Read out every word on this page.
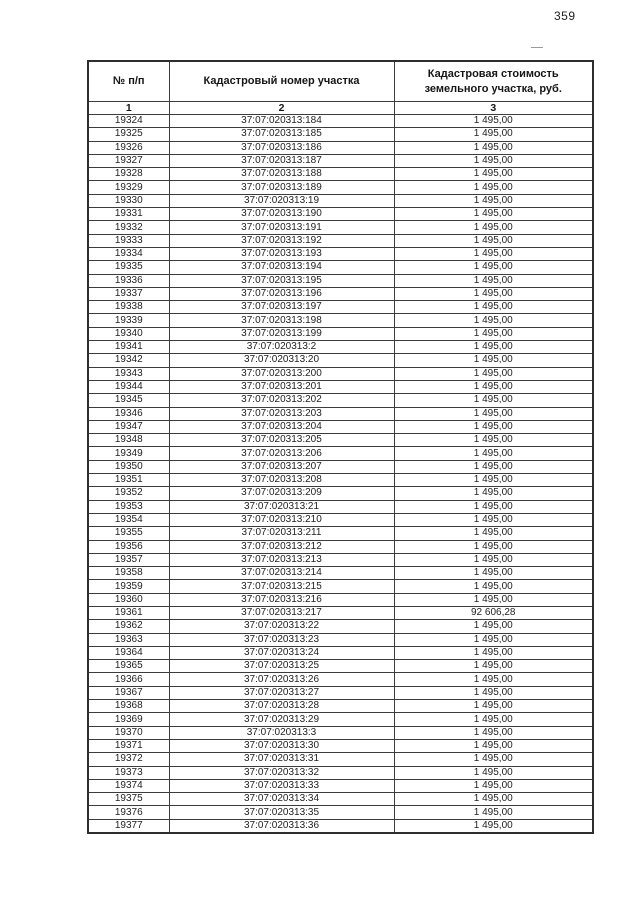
359
№ п/п	Кадастровый номер участка	Кадастровая стоимость земельного участка, руб.
1	2	3
19324	37:07:020313:184	1 495,00
19325	37:07:020313:185	1 495,00
19326	37:07:020313:186	1 495,00
19327	37:07:020313:187	1 495,00
19328	37:07:020313:188	1 495,00
19329	37:07:020313:189	1 495,00
19330	37:07:020313:19	1 495,00
19331	37:07:020313:190	1 495,00
19332	37:07:020313:191	1 495,00
19333	37:07:020313:192	1 495,00
19334	37:07:020313:193	1 495,00
19335	37:07:020313:194	1 495,00
19336	37:07:020313:195	1 495,00
19337	37:07:020313:196	1 495,00
19338	37:07:020313:197	1 495,00
19339	37:07:020313:198	1 495,00
19340	37:07:020313:199	1 495,00
19341	37:07:020313:2	1 495,00
19342	37:07:020313:20	1 495,00
19343	37:07:020313:200	1 495,00
19344	37:07:020313:201	1 495,00
19345	37:07:020313:202	1 495,00
19346	37:07:020313:203	1 495,00
19347	37:07:020313:204	1 495,00
19348	37:07:020313:205	1 495,00
19349	37:07:020313:206	1 495,00
19350	37:07:020313:207	1 495,00
19351	37:07:020313:208	1 495,00
19352	37:07:020313:209	1 495,00
19353	37:07:020313:21	1 495,00
19354	37:07:020313:210	1 495,00
19355	37:07:020313:211	1 495,00
19356	37:07:020313:212	1 495,00
19357	37:07:020313:213	1 495,00
19358	37:07:020313:214	1 495,00
19359	37:07:020313:215	1 495,00
19360	37:07:020313:216	1 495,00
19361	37:07:020313:217	92 606,28
19362	37:07:020313:22	1 495,00
19363	37:07:020313:23	1 495,00
19364	37:07:020313:24	1 495,00
19365	37:07:020313:25	1 495,00
19366	37:07:020313:26	1 495,00
19367	37:07:020313:27	1 495,00
19368	37:07:020313:28	1 495,00
19369	37:07:020313:29	1 495,00
19370	37:07:020313:3	1 495,00
19371	37:07:020313:30	1 495,00
19372	37:07:020313:31	1 495,00
19373	37:07:020313:32	1 495,00
19374	37:07:020313:33	1 495,00
19375	37:07:020313:34	1 495,00
19376	37:07:020313:35	1 495,00
19377	37:07:020313:36	1 495,00
